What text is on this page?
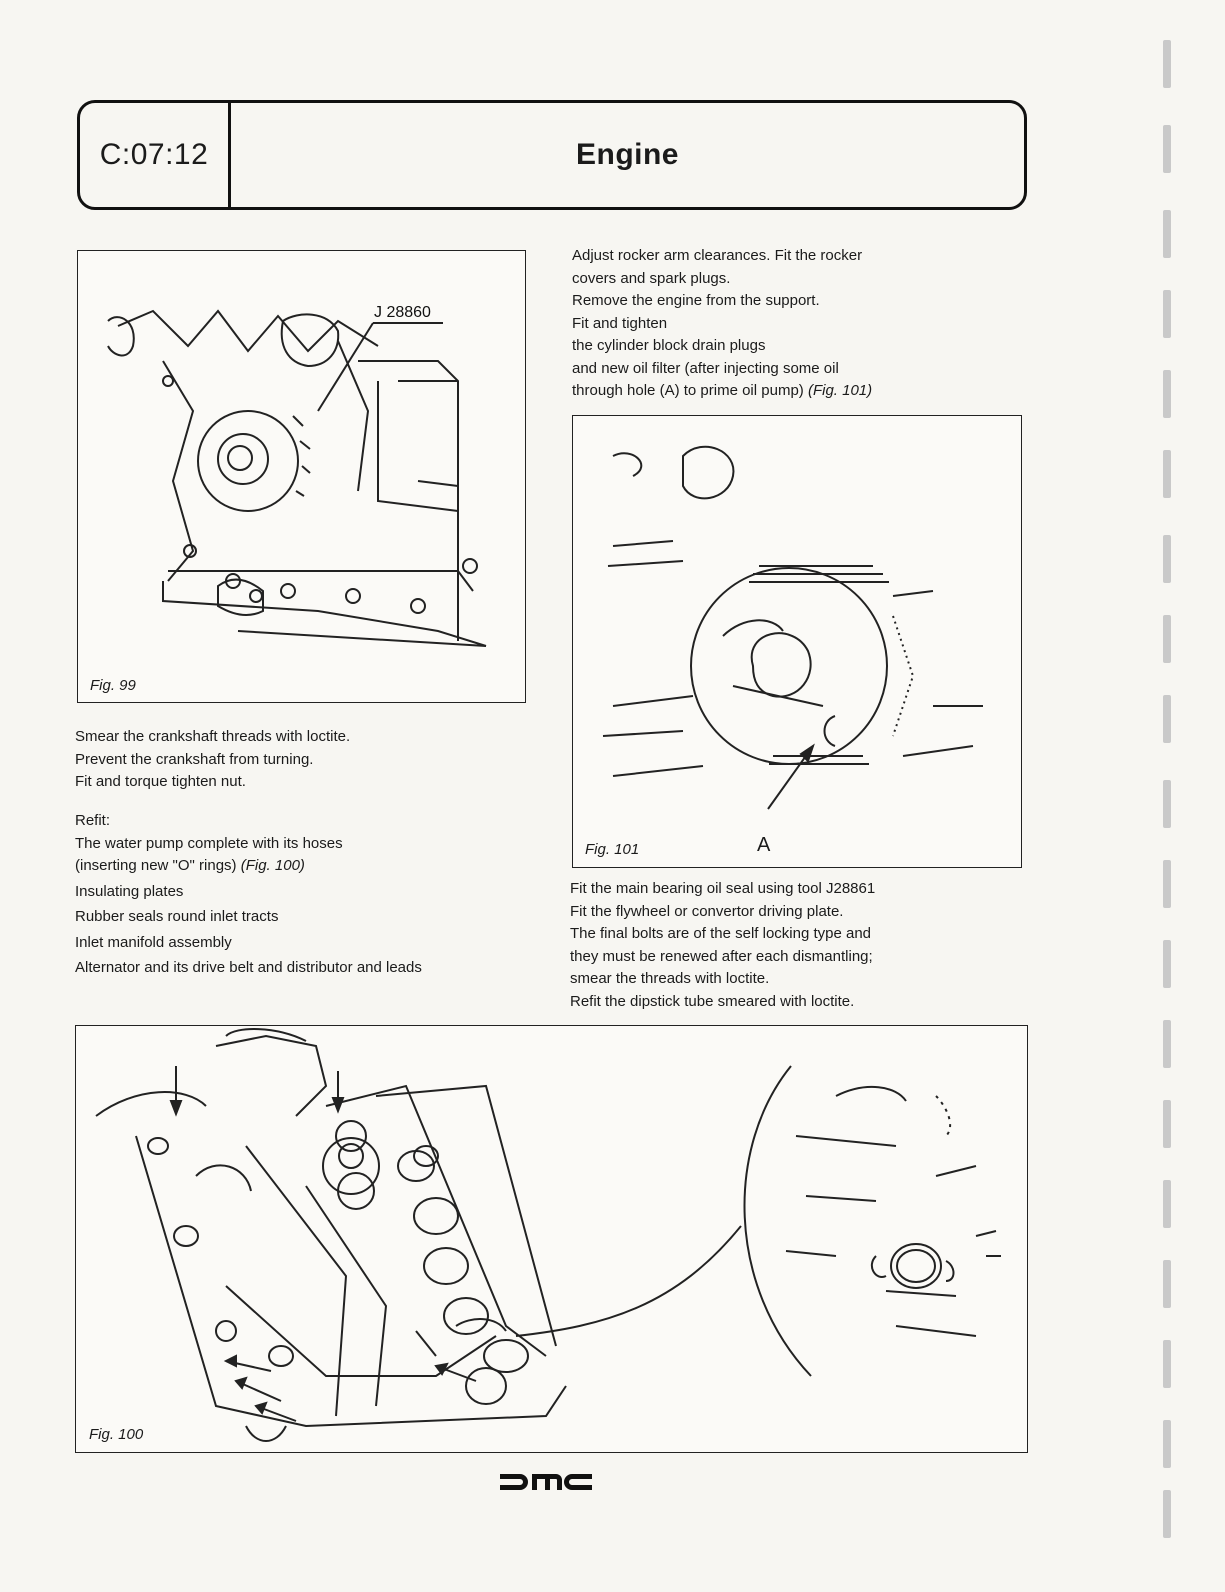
C:07:12	Engine
J 28860
Fig. 99

Adjust rocker arm clearances. Fit the rocker

covers and spark plugs.

Remove the engine from the support.

Fit and tighten

the cylinder block drain plugs

and new oil filter (after injecting some oil

through hole (A) to prime oil pump) (Fig. 101)

Fig. 101	A

Smear the crankshaft threads with loctite.

Prevent the crankshaft from turning.

Fit and torque tighten nut.

Refit:

The water pump complete with its hoses

(inserting new "O" rings) (Fig. 100)

Insulating plates

Rubber seals round inlet tracts

Inlet manifold assembly

Alternator and its drive belt and distributor and leads

Fit the main bearing oil seal using tool J28861

Fit the flywheel or convertor driving plate.

The final bolts are of the self locking type and

they must be renewed after each dismantling;

smear the threads with loctite.

Refit the dipstick tube smeared with loctite.

Fig. 100
